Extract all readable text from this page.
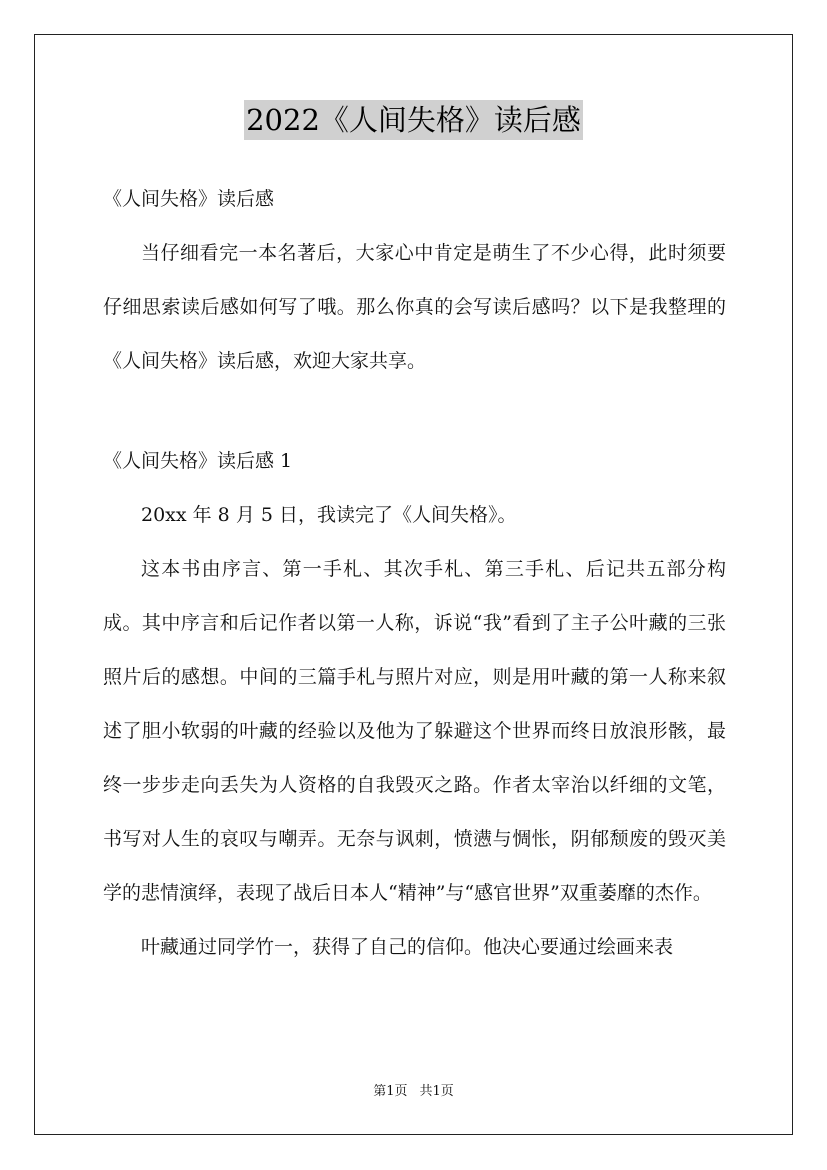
2022《人间失格》读后感

《人间失格》读后感

当仔细看完一本名著后，大家心中肯定是萌生了不少心得，此时须要仔细思索读后感如何写了哦。那么你真的会写读后感吗？以下是我整理的《人间失格》读后感，欢迎大家共享。

《人间失格》读后感 1

20xx 年 8 月 5 日，我读完了《人间失格》。

这本书由序言、第一手札、其次手札、第三手札、后记共五部分构成。其中序言和后记作者以第一人称，诉说“我”看到了主子公叶藏的三张照片后的感想。中间的三篇手札与照片对应，则是用叶藏的第一人称来叙述了胆小软弱的叶藏的经验以及他为了躲避这个世界而终日放浪形骸，最终一步步走向丢失为人资格的自我毁灭之路。作者太宰治以纤细的文笔，书写对人生的哀叹与嘲弄。无奈与讽刺，愤懑与惆怅，阴郁颓废的毁灭美学的悲情演绎，表现了战后日本人“精神”与“感官世界”双重萎靡的杰作。

叶藏通过同学竹一，获得了自己的信仰。他决心要通过绘画来表

第1页 共1页
